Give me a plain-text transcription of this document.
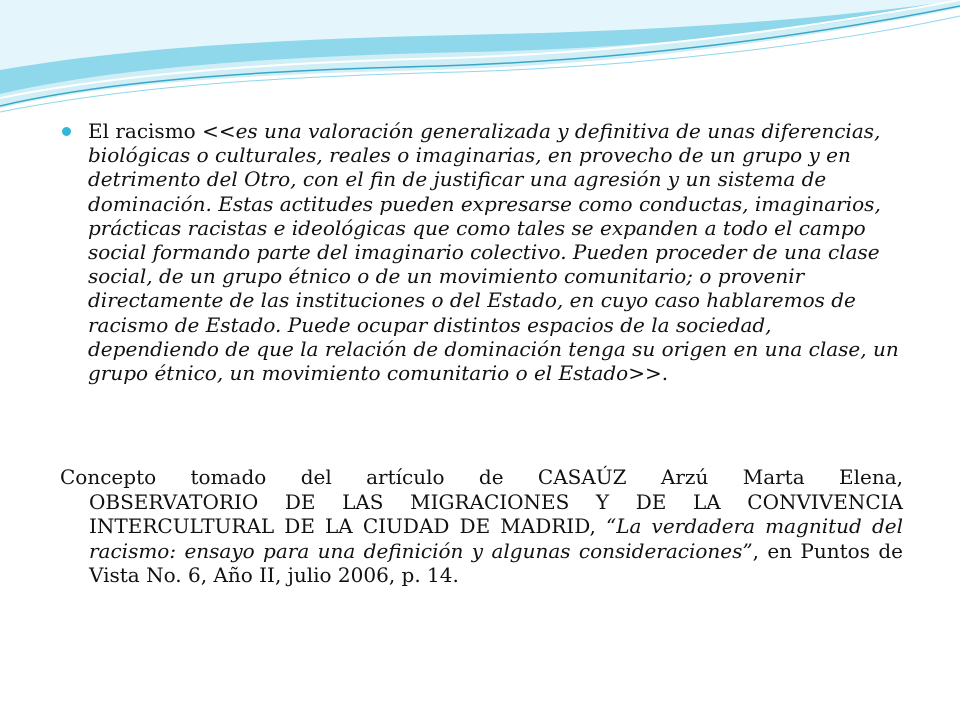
El racismo <<es una valoración generalizada y definitiva de unas diferencias, biológicas o culturales, reales o imaginarias, en provecho de un grupo y en detrimento del Otro, con el fin de justificar una agresión y un sistema de dominación. Estas actitudes pueden expresarse como conductas, imaginarios, prácticas racistas e ideológicas que como tales se expanden a todo el campo social formando parte del imaginario colectivo. Pueden proceder de una clase social, de un grupo étnico o de un movimiento comunitario; o provenir directamente de las instituciones o del Estado, en cuyo caso hablaremos de racismo de Estado. Puede ocupar distintos espacios de la sociedad, dependiendo de que la relación de dominación tenga su origen en una clase, un grupo étnico, un movimiento comunitario o el Estado>>.
Concepto tomado del artículo de CASAÚZ Arzú Marta Elena,
OBSERVATORIO DE LAS MIGRACIONES Y DE LA CONVIVENCIA INTERCULTURAL DE LA CIUDAD DE MADRID, “La verdadera magnitud del racismo: ensayo para una definición y algunas consideraciones”, en Puntos de Vista No. 6, Año II, julio 2006, p. 14.
